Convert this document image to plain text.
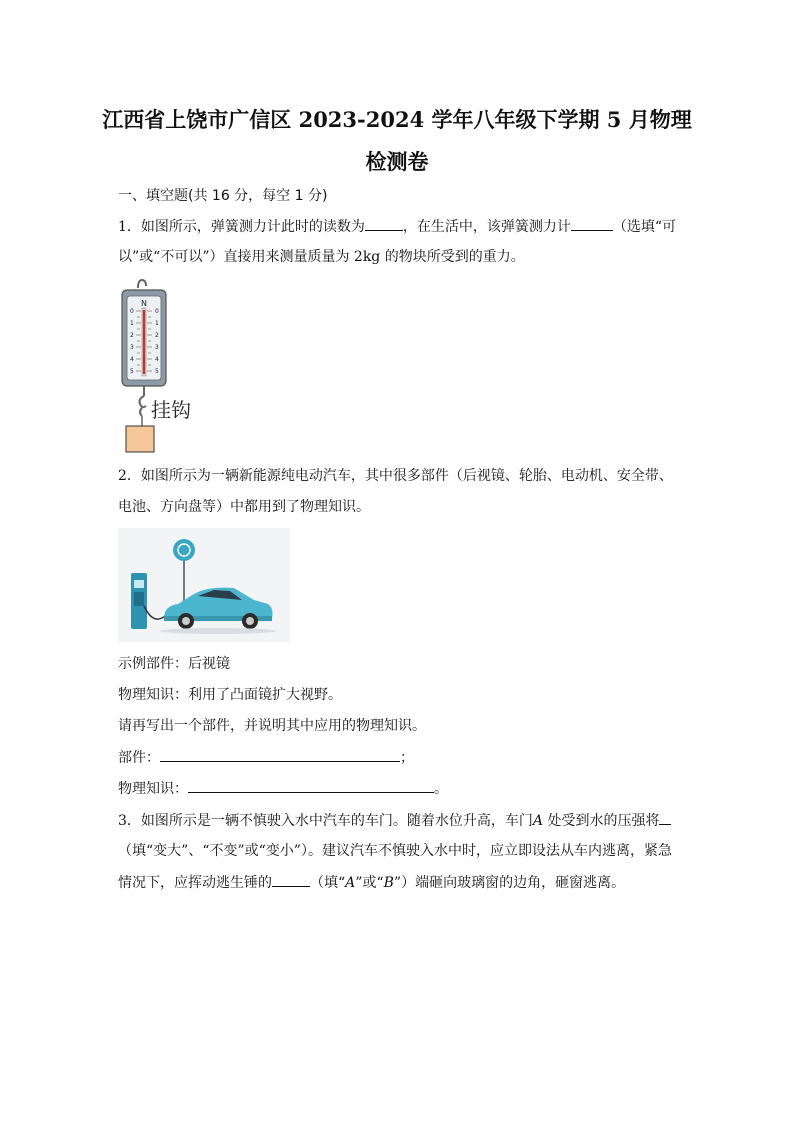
江西省上饶市广信区 2023-2024 学年八年级下学期 5 月物理
检测卷
一、填空题(共 16 分，每空 1 分)
1．如图所示，弹簧测力计此时的读数为	，在生活中，该弹簧测力计	（选填“可
以”或“不可以”）直接用来测量质量为 2kg 的物块所受到的重力。
N
0
1
2
3
4
5
0
1
2
3
4
5
挂钩
2．如图所示为一辆新能源纯电动汽车，其中很多部件（后视镜、轮胎、电动机、安全带、
电池、方向盘等）中都用到了物理知识。
示例部件：后视镜
物理知识：利用了凸面镜扩大视野。
请再写出一个部件，并说明其中应用的物理知识。
部件：	；
物理知识：	。
3．如图所示是一辆不慎驶入水中汽车的车门。随着水位升高，车门A 处受到水的压强将
（填“变大”、“不变”或“变小”）。建议汽车不慎驶入水中时，应立即设法从车内逃离，紧急
情况下，应挥动逃生锤的	（填“A”或“B”）端砸向玻璃窗的边角，砸窗逃离。
